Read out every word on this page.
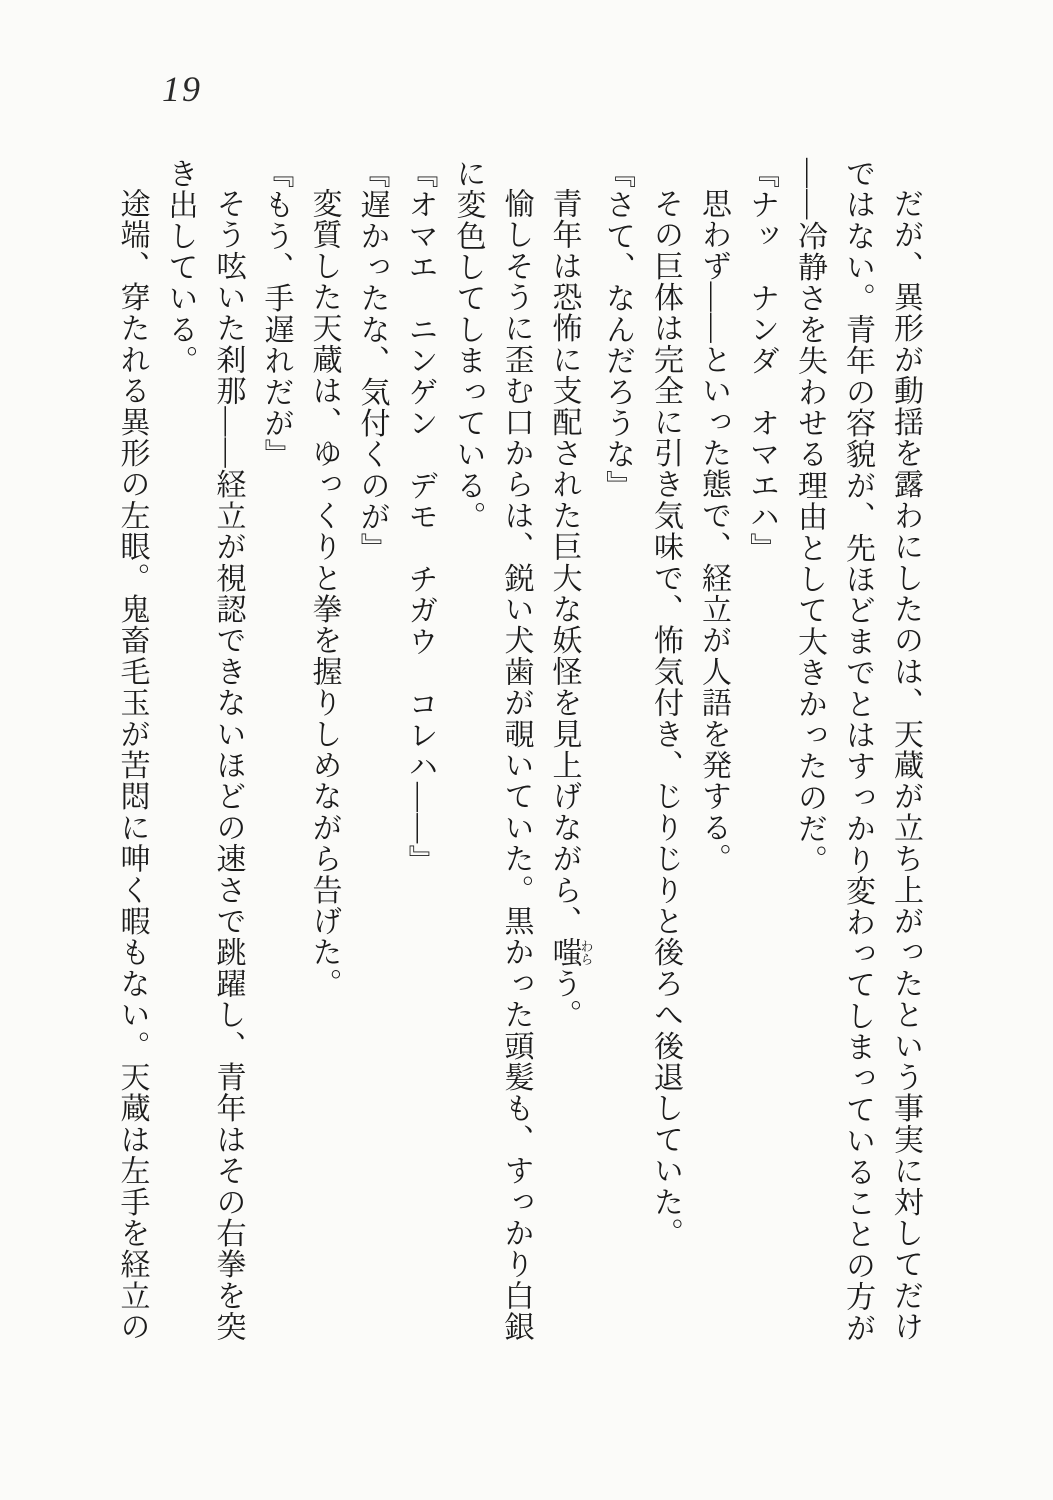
19
だが、異形が動揺を露わにしたのは、天蔵が立ち上がったという事実に対してだけ
ではない。青年の容貌が、先ほどまでとはすっかり変わってしまっていることの方が
――冷静さを失わせる理由として大きかったのだ。
『ナッ　ナンダ　オマエハ』
思わず――といった態で、経立が人語を発する。
その巨体は完全に引き気味で、怖気付き、じりじりと後ろへ後退していた。
『さて、なんだろうな』
青年は恐怖に支配された巨大な妖怪を見上げながら、嗤わらう。
愉しそうに歪む口からは、鋭い犬歯が覗いていた。黒かった頭髪も、すっかり白銀
に変色してしまっている。
『オマエ　ニンゲン　デモ　チガウ　コレハ――』
『遅かったな、気付くのが』
変質した天蔵は、ゆっくりと拳を握りしめながら告げた。
『もう、手遅れだが』
そう呟いた刹那――経立が視認できないほどの速さで跳躍し、青年はその右拳を突
き出している。
途端、穿たれる異形の左眼。鬼畜毛玉が苦悶に呻く暇もない。天蔵は左手を経立の
